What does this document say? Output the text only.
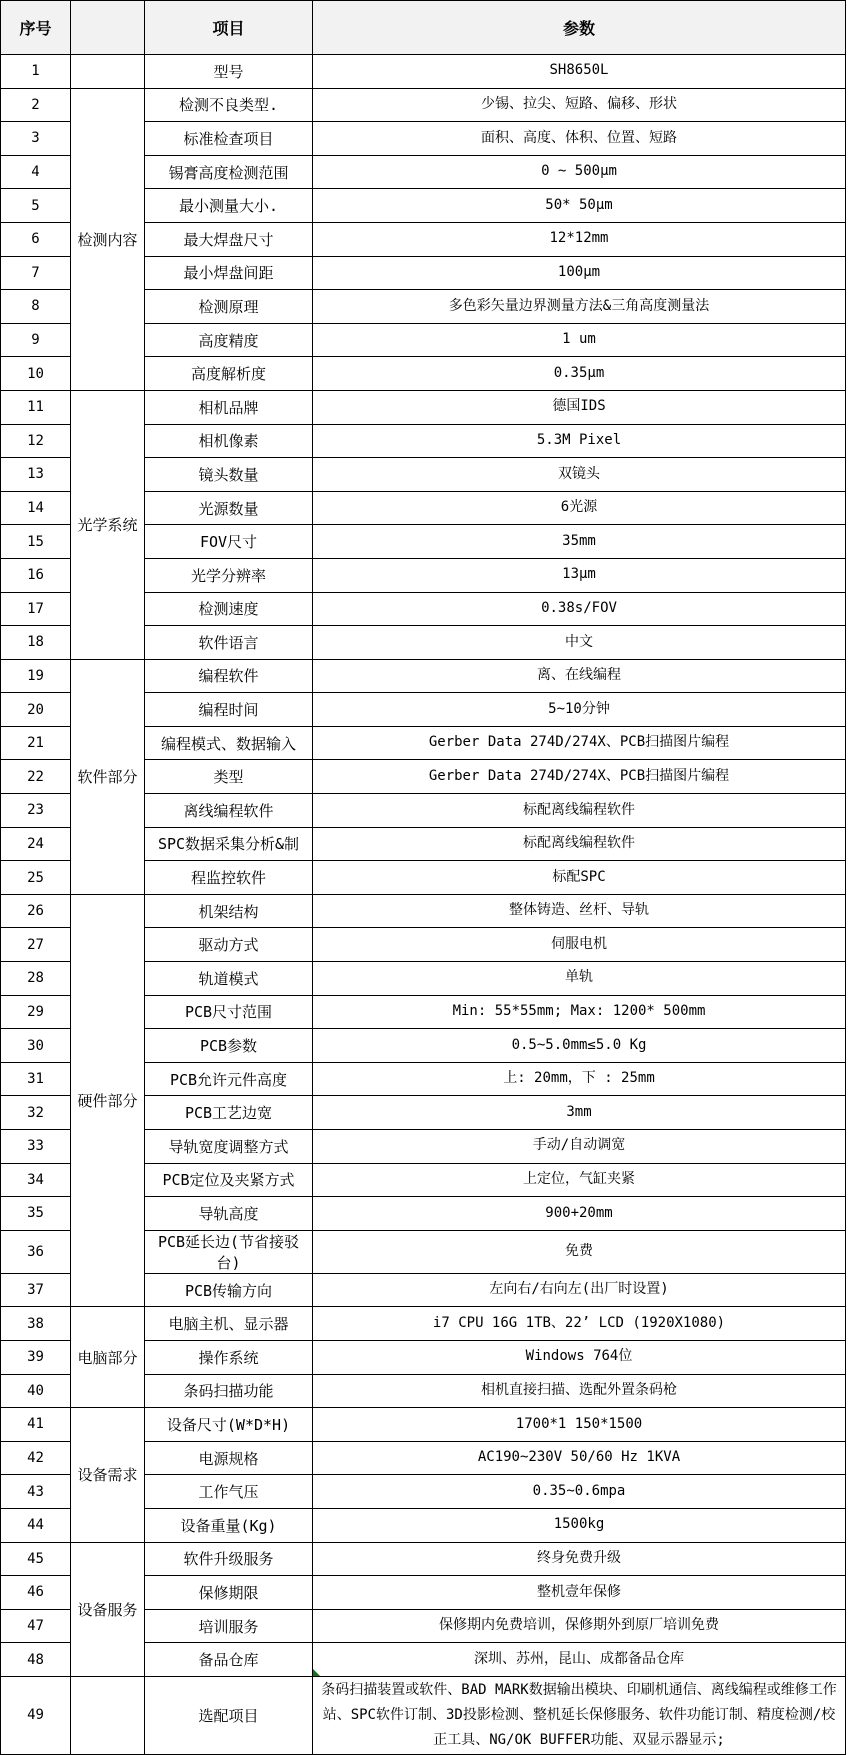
序号		项目	参数
1		型号	SH8650L
2	检测内容	检测不良类型.	少锡、拉尖、短路、偏移、形状
3		标准检查项目	面积、高度、体积、位置、短路
4		锡膏高度检测范围	0 ~ 500μm
5		最小测量大小.	50* 50μm
6		最大焊盘尺寸	12*12mm
7		最小焊盘间距	100μm
8		检测原理	多色彩矢量边界测量方法&三角高度测量法
9		高度精度	1 um
10		高度解析度	0.35μm
11	光学系统	相机品牌	德国IDS
12		相机像素	5.3M Pixel
13		镜头数量	双镜头
14		光源数量	6光源
15		FOV尺寸	35mm
16		光学分辨率	13μm
17		检测速度	0.38s/FOV
18		软件语言	中文
19	软件部分	编程软件	离、在线编程
20		编程时间	5~10分钟
21		编程模式、数据输入	Gerber Data 274D/274X、PCB扫描图片编程
22		类型	Gerber Data 274D/274X、PCB扫描图片编程
23		离线编程软件	标配离线编程软件
24		SPC数据采集分析&制	标配离线编程软件
25		程监控软件	标配SPC
26	硬件部分	机架结构	整体铸造、丝杆、导轨
27		驱动方式	伺服电机
28		轨道模式	单轨
29		PCB尺寸范围	Min: 55*55mm; Max: 1200* 500mm
30		PCB参数	0.5~5.0mm≤5.0 Kg
31		PCB允许元件高度	上: 20mm，下 : 25mm
32		PCB工艺边宽	3mm
33		导轨宽度调整方式	手动/自动调宽
34		PCB定位及夹紧方式	上定位，气缸夹紧
35		导轨高度	900+20mm
36		PCB延长边(节省接驳台)	免费
37		PCB传输方向	左向右/右向左(出厂时设置)
38	电脑部分	电脑主机、显示器	i7 CPU 16G 1TB、22’ LCD (1920X1080)
39		操作系统	Windows 764位
40		条码扫描功能	相机直接扫描、选配外置条码枪
41	设备需求	设备尺寸(W*D*H)	1700*1 150*1500
42		电源规格	AC190~230V 50/60 Hz 1KVA
43		工作气压	0.35~0.6mpa
44		设备重量(Kg)	1500kg
45	设备服务	软件升级服务	终身免费升级
46		保修期限	整机壹年保修
47		培训服务	保修期内免费培训，保修期外到原厂培训免费
48		备品仓库	深圳、苏州，昆山、成都备品仓库

49		选配项目	条码扫描装置或软件、BAD MARK数据输出模块、印刷机通信、离线编程或维修工作站、SPC软件订制、3D投影检测、整机延长保修服务、软件功能订制、精度检测/校正工具、NG/OK BUFFER功能、双显示器显示;
